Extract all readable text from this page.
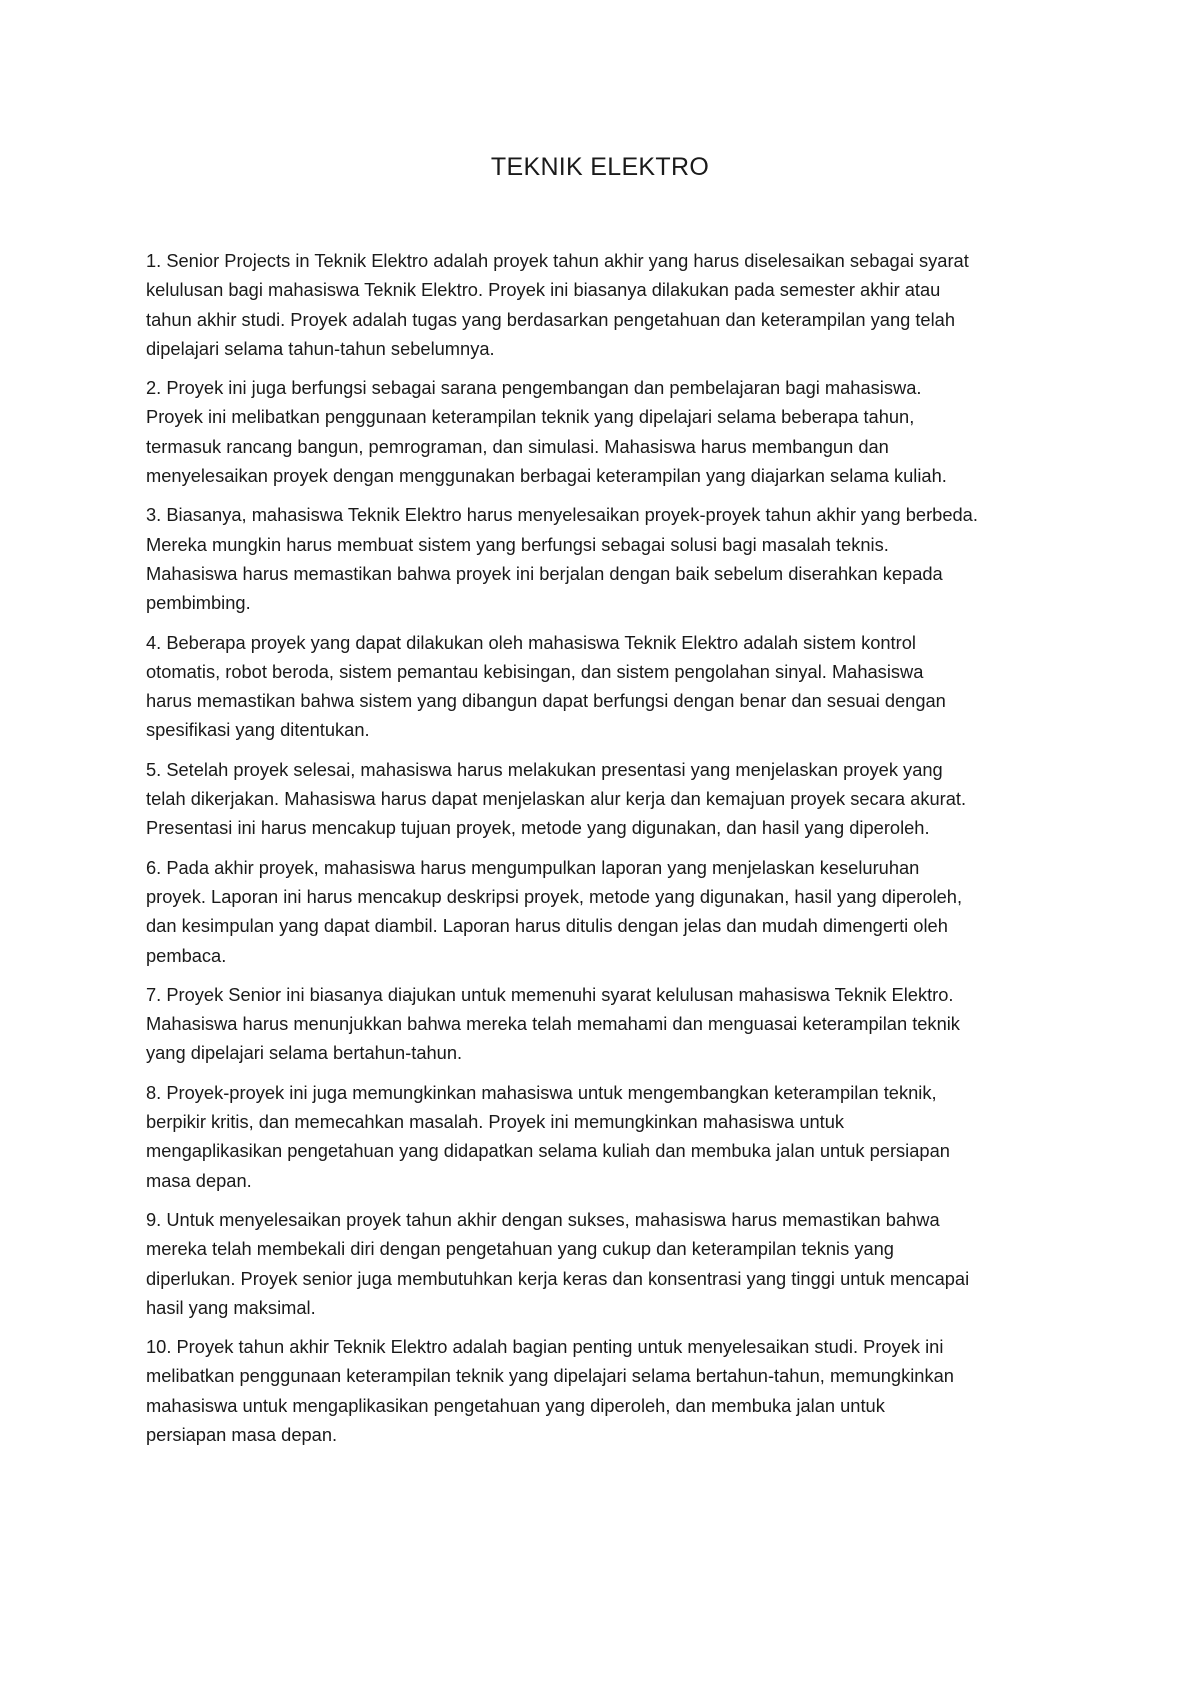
TEKNIK ELEKTRO

1. Senior Projects in Teknik Elektro adalah proyek tahun akhir yang harus diselesaikan sebagai syarat
kelulusan bagi mahasiswa Teknik Elektro. Proyek ini biasanya dilakukan pada semester akhir atau
tahun akhir studi. Proyek adalah tugas yang berdasarkan pengetahuan dan keterampilan yang telah
dipelajari selama tahun-tahun sebelumnya.

2. Proyek ini juga berfungsi sebagai sarana pengembangan dan pembelajaran bagi mahasiswa.
Proyek ini melibatkan penggunaan keterampilan teknik yang dipelajari selama beberapa tahun,
termasuk rancang bangun, pemrograman, dan simulasi. Mahasiswa harus membangun dan
menyelesaikan proyek dengan menggunakan berbagai keterampilan yang diajarkan selama kuliah.

3. Biasanya, mahasiswa Teknik Elektro harus menyelesaikan proyek-proyek tahun akhir yang berbeda.
Mereka mungkin harus membuat sistem yang berfungsi sebagai solusi bagi masalah teknis.
Mahasiswa harus memastikan bahwa proyek ini berjalan dengan baik sebelum diserahkan kepada
pembimbing.

4. Beberapa proyek yang dapat dilakukan oleh mahasiswa Teknik Elektro adalah sistem kontrol
otomatis, robot beroda, sistem pemantau kebisingan, dan sistem pengolahan sinyal. Mahasiswa
harus memastikan bahwa sistem yang dibangun dapat berfungsi dengan benar dan sesuai dengan
spesifikasi yang ditentukan.

5. Setelah proyek selesai, mahasiswa harus melakukan presentasi yang menjelaskan proyek yang
telah dikerjakan. Mahasiswa harus dapat menjelaskan alur kerja dan kemajuan proyek secara akurat.
Presentasi ini harus mencakup tujuan proyek, metode yang digunakan, dan hasil yang diperoleh.

6. Pada akhir proyek, mahasiswa harus mengumpulkan laporan yang menjelaskan keseluruhan
proyek. Laporan ini harus mencakup deskripsi proyek, metode yang digunakan, hasil yang diperoleh,
dan kesimpulan yang dapat diambil. Laporan harus ditulis dengan jelas dan mudah dimengerti oleh
pembaca.

7. Proyek Senior ini biasanya diajukan untuk memenuhi syarat kelulusan mahasiswa Teknik Elektro.
Mahasiswa harus menunjukkan bahwa mereka telah memahami dan menguasai keterampilan teknik
yang dipelajari selama bertahun-tahun.

8. Proyek-proyek ini juga memungkinkan mahasiswa untuk mengembangkan keterampilan teknik,
berpikir kritis, dan memecahkan masalah. Proyek ini memungkinkan mahasiswa untuk
mengaplikasikan pengetahuan yang didapatkan selama kuliah dan membuka jalan untuk persiapan
masa depan.

9. Untuk menyelesaikan proyek tahun akhir dengan sukses, mahasiswa harus memastikan bahwa
mereka telah membekali diri dengan pengetahuan yang cukup dan keterampilan teknis yang
diperlukan. Proyek senior juga membutuhkan kerja keras dan konsentrasi yang tinggi untuk mencapai
hasil yang maksimal.

10. Proyek tahun akhir Teknik Elektro adalah bagian penting untuk menyelesaikan studi. Proyek ini
melibatkan penggunaan keterampilan teknik yang dipelajari selama bertahun-tahun, memungkinkan
mahasiswa untuk mengaplikasikan pengetahuan yang diperoleh, dan membuka jalan untuk
persiapan masa depan.
